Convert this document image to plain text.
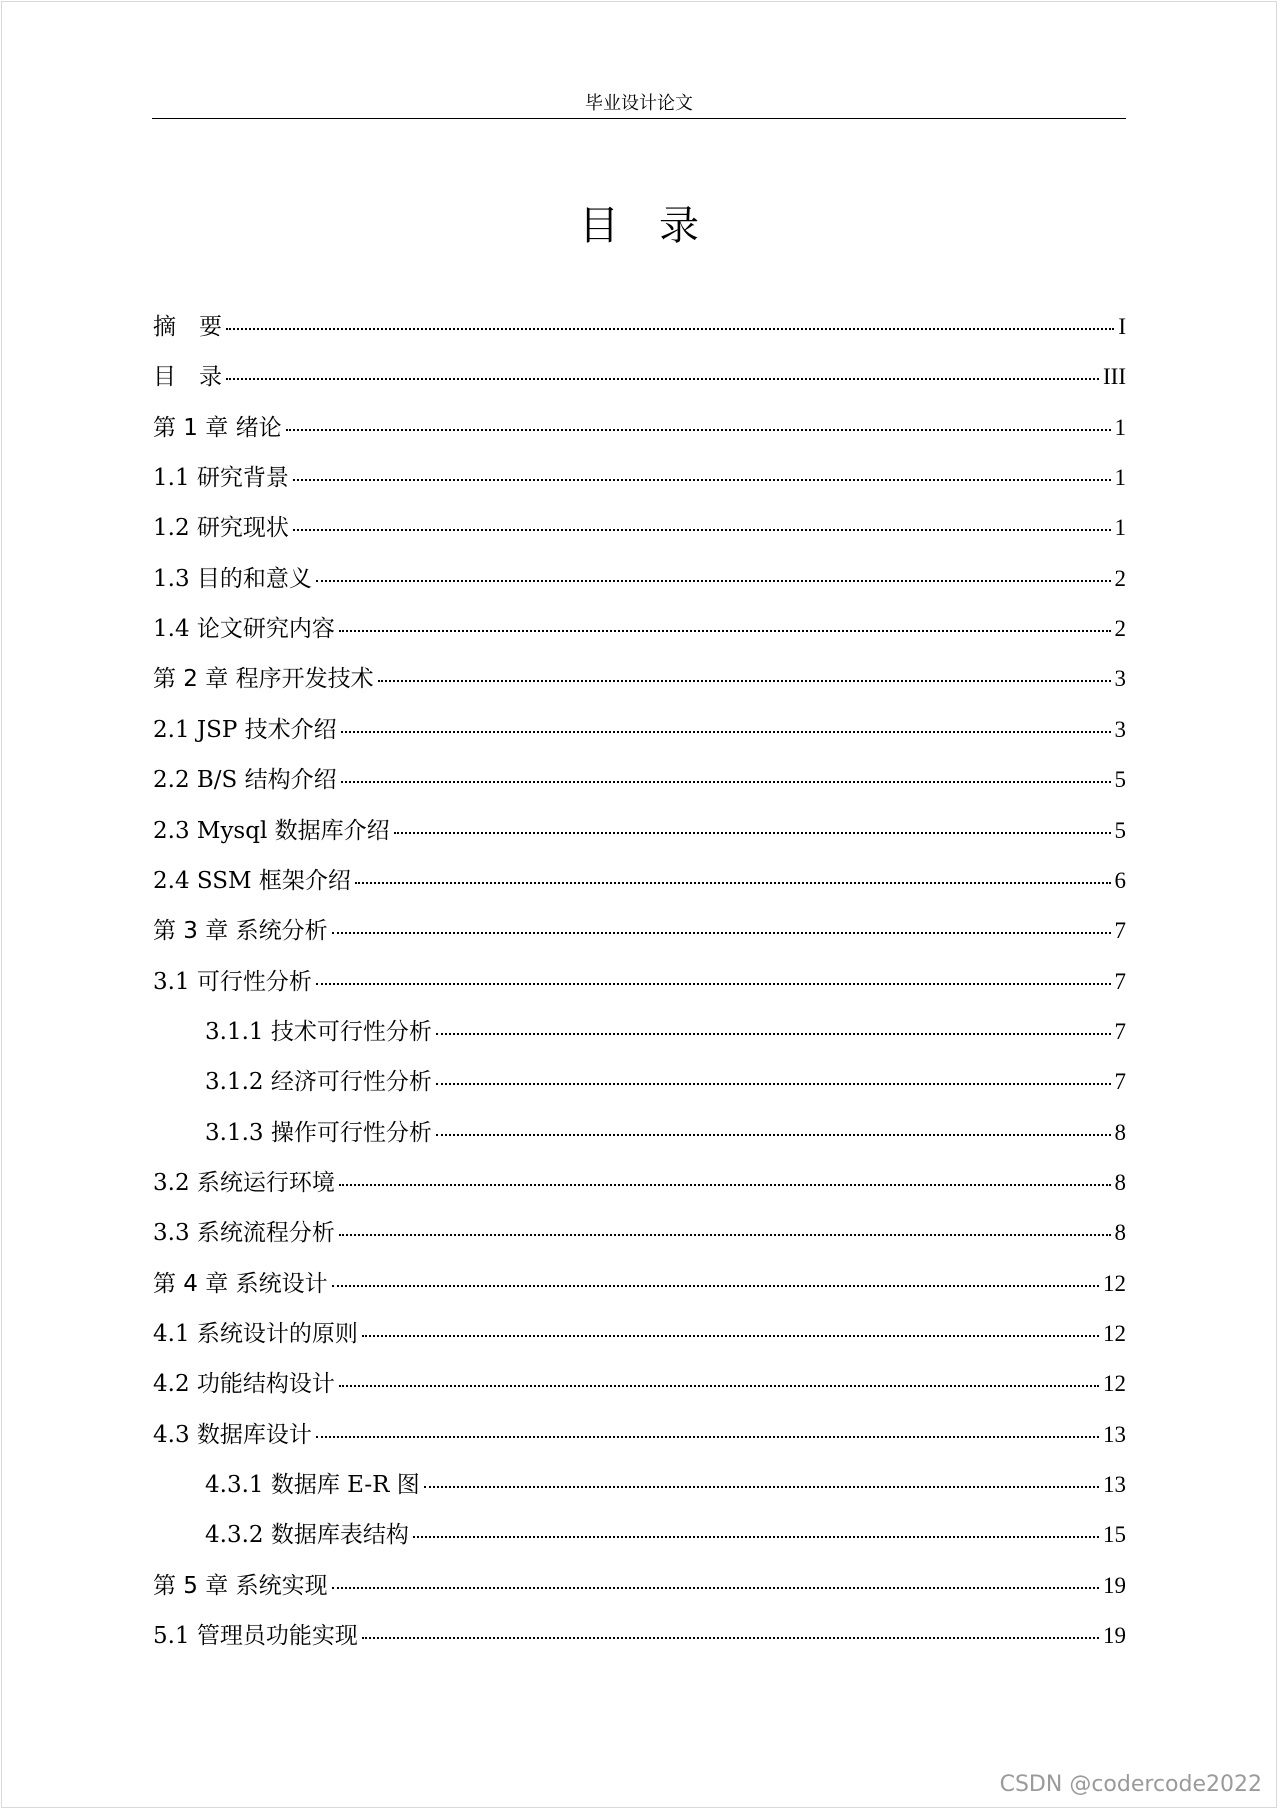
毕业设计论文
目录
摘　要	I
目　录	III
第 1 章 绪论	1
1.1 研究背景	1
1.2 研究现状	1
1.3 目的和意义	2
1.4 论文研究内容	2
第 2 章 程序开发技术	3
2.1 JSP 技术介绍	3
2.2 B/S 结构介绍	5
2.3 Mysql 数据库介绍	5
2.4 SSM 框架介绍	6
第 3 章 系统分析	7
3.1 可行性分析	7
3.1.1 技术可行性分析	7
3.1.2 经济可行性分析	7
3.1.3 操作可行性分析	8
3.2 系统运行环境	8
3.3 系统流程分析	8
第 4 章 系统设计	12
4.1 系统设计的原则	12
4.2 功能结构设计	12
4.3 数据库设计	13
4.3.1 数据库 E-R 图	13
4.3.2 数据库表结构	15
第 5 章 系统实现	19
5.1 管理员功能实现	19
CSDN @codercode2022
